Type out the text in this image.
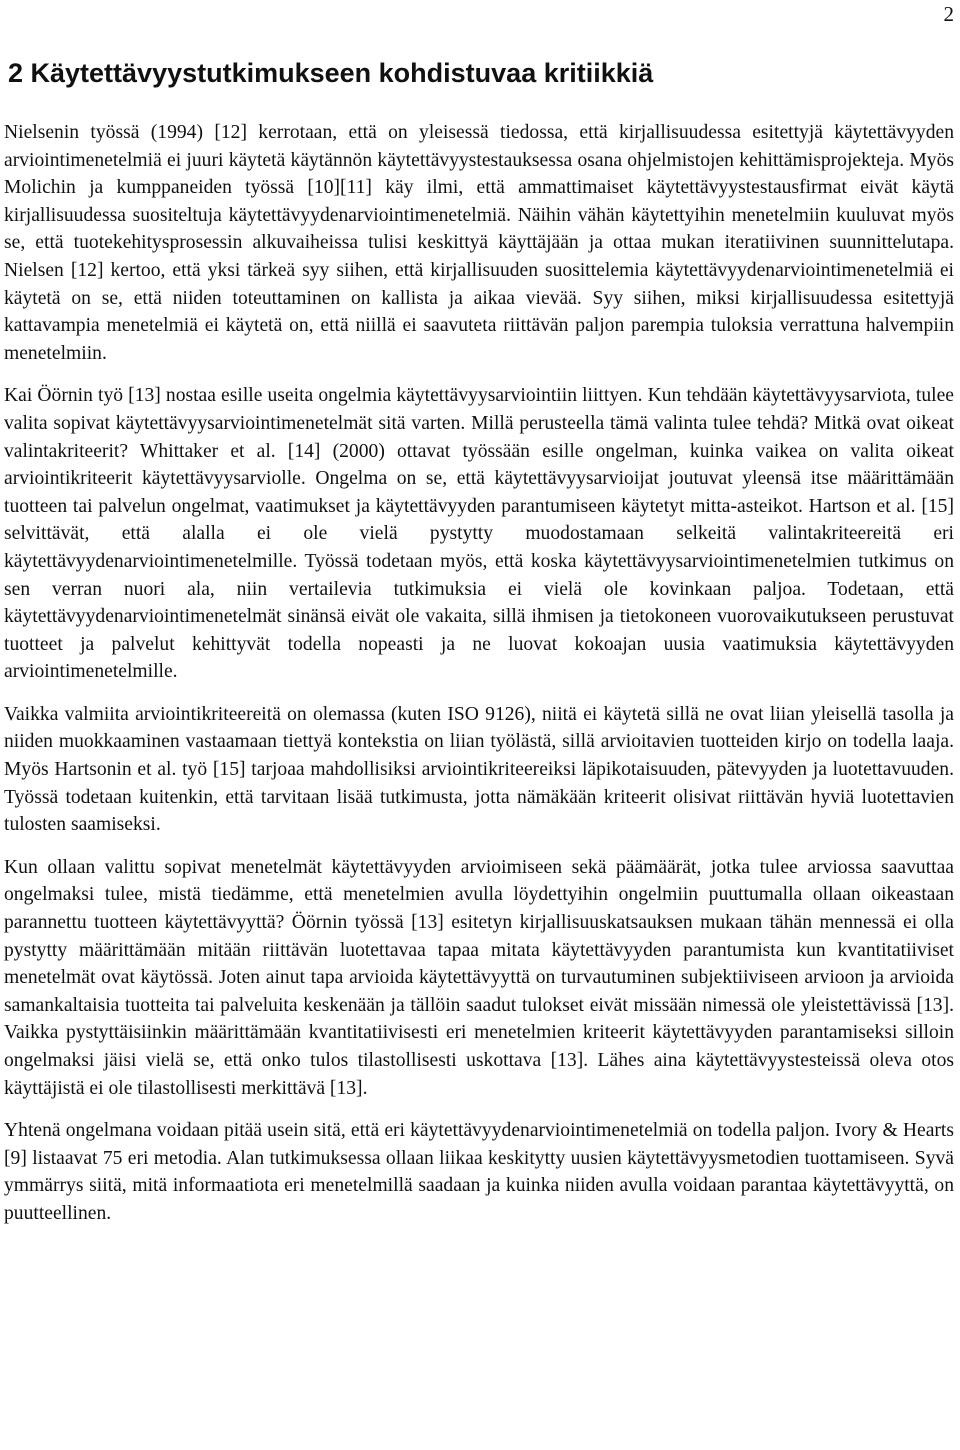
2
2 Käytettävyystutkimukseen kohdistuvaa kritiikkiä

Nielsenin työssä (1994) [12] kerrotaan, että on yleisessä tiedossa, että kirjallisuudessa esitettyjä käytettävyyden arviointimenetelmiä ei juuri käytetä käytännön käytettävyystestauksessa osana ohjelmistojen kehittämisprojekteja. Myös Molichin ja kumppaneiden työssä [10][11] käy ilmi, että ammattimaiset käytettävyystestausfirmat eivät käytä kirjallisuudessa suositeltuja käytettävyydenarviointimenetelmiä. Näihin vähän käytettyihin menetelmiin kuuluvat myös se, että tuotekehitysprosessin alkuvaiheissa tulisi keskittyä käyttäjään ja ottaa mukan iteratiivinen suunnittelutapa. Nielsen [12] kertoo, että yksi tärkeä syy siihen, että kirjallisuuden suosittelemia käytettävyydenarviointimenetelmiä ei käytetä on se, että niiden toteuttaminen on kallista ja aikaa vievää. Syy siihen, miksi kirjallisuudessa esitettyjä kattavampia menetelmiä ei käytetä on, että niillä ei saavuteta riittävän paljon parempia tuloksia verrattuna halvempiin menetelmiin.

Kai Öörnin työ [13] nostaa esille useita ongelmia käytettävyysarviointiin liittyen. Kun tehdään käytettävyysarviota, tulee valita sopivat käytettävyysarviointimenetelmät sitä varten. Millä perusteella tämä valinta tulee tehdä? Mitkä ovat oikeat valintakriteerit? Whittaker et al. [14] (2000) ottavat työssään esille ongelman, kuinka vaikea on valita oikeat arviointikriteerit käytettävyysarviolle. Ongelma on se, että käytettävyysarvioijat joutuvat yleensä itse määrittämään tuotteen tai palvelun ongelmat, vaatimukset ja käytettävyyden parantumiseen käytetyt mitta-asteikot. Hartson et al. [15] selvittävät, että alalla ei ole vielä pystytty muodostamaan selkeitä valintakriteereitä eri käytettävyydenarviointimenetelmille. Työssä todetaan myös, että koska käytettävyysarviointimenetelmien tutkimus on sen verran nuori ala, niin vertailevia tutkimuksia ei vielä ole kovinkaan paljoa. Todetaan, että käytettävyydenarviointimenetelmät sinänsä eivät ole vakaita, sillä ihmisen ja tietokoneen vuorovaikutukseen perustuvat tuotteet ja palvelut kehittyvät todella nopeasti ja ne luovat kokoajan uusia vaatimuksia käytettävyyden arviointimenetelmille.

Vaikka valmiita arviointikriteereitä on olemassa (kuten ISO 9126), niitä ei käytetä sillä ne ovat liian yleisellä tasolla ja niiden muokkaaminen vastaamaan tiettyä kontekstia on liian työlästä, sillä arvioitavien tuotteiden kirjo on todella laaja. Myös Hartsonin et al. työ [15] tarjoaa mahdollisiksi arviointikriteereiksi läpikotaisuuden, pätevyyden ja luotettavuuden. Työssä todetaan kuitenkin, että tarvitaan lisää tutkimusta, jotta nämäkään kriteerit olisivat riittävän hyviä luotettavien tulosten saamiseksi.

Kun ollaan valittu sopivat menetelmät käytettävyyden arvioimiseen sekä päämäärät, jotka tulee arviossa saavuttaa ongelmaksi tulee, mistä tiedämme, että menetelmien avulla löydettyihin ongelmiin puuttumalla ollaan oikeastaan parannettu tuotteen käytettävyyttä? Öörnin työssä [13] esitetyn kirjallisuuskatsauksen mukaan tähän mennessä ei olla pystytty määrittämään mitään riittävän luotettavaa tapaa mitata käytettävyyden parantumista kun kvantitatiiviset menetelmät ovat käytössä. Joten ainut tapa arvioida käytettävyyttä on turvautuminen subjektiiviseen arvioon ja arvioida samankaltaisia tuotteita tai palveluita keskenään ja tällöin saadut tulokset eivät missään nimessä ole yleistettävissä [13]. Vaikka pystyttäisiinkin määrittämään kvantitatiivisesti eri menetelmien kriteerit käytettävyyden parantamiseksi silloin ongelmaksi jäisi vielä se, että onko tulos tilastollisesti uskottava [13]. Lähes aina käytettävyystesteissä oleva otos käyttäjistä ei ole tilastollisesti merkittävä [13].

Yhtenä ongelmana voidaan pitää usein sitä, että eri käytettävyydenarviointimenetelmiä on todella paljon. Ivory & Hearts [9] listaavat 75 eri metodia. Alan tutkimuksessa ollaan liikaa keskitytty uusien käytettävyysmetodien tuottamiseen. Syvä ymmärrys siitä, mitä informaatiota eri menetelmillä saadaan ja kuinka niiden avulla voidaan parantaa käytettävyyttä, on puutteellinen.
